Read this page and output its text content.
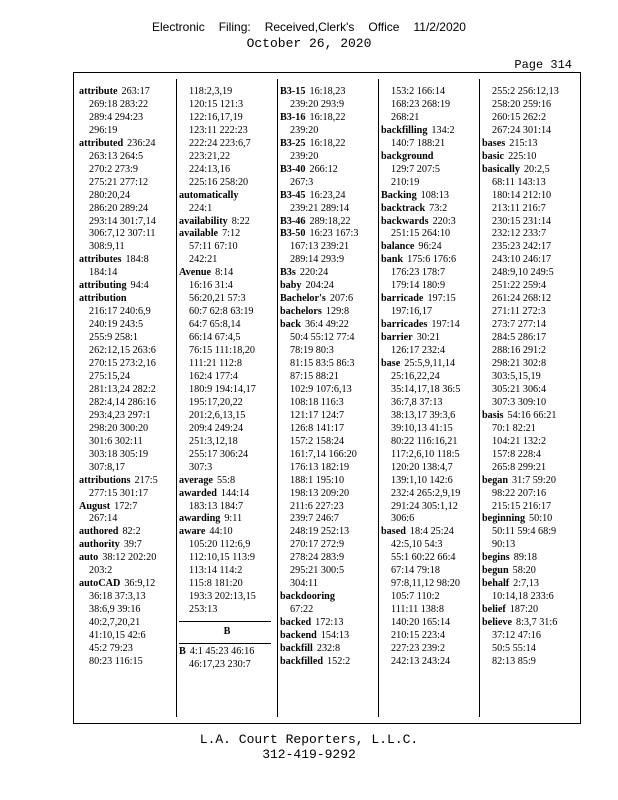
Electronic Filing: Received,Clerk's Office 11/2/2020
October 26, 2020
Page 314
attribute 263:17
269:18 283:22
289:4 294:23
296:19
attributed 236:24
263:13 264:5
270:2 273:9
275:21 277:12
280:20,24
286:20 289:24
293:14 301:7,14
306:7,12 307:11
308:9,11
attributes 184:8
184:14
attributing 94:4
attribution
216:17 240:6,9
240:19 243:5
255:9 258:1
262:12,15 263:6
270:15 273:2,16
275:15,24
281:13,24 282:2
282:4,14 286:16
293:4,23 297:1
298:20 300:20
301:6 302:11
303:18 305:19
307:8,17
attributions 217:5
277:15 301:17
August 172:7
267:14
authored 82:2
authority 39:7
auto 38:12 202:20
203:2
autoCAD 36:9,12
36:18 37:3,13
38:6,9 39:16
40:2,7,20,21
41:10,15 42:6
45:2 79:23
80:23 116:15
118:2,3,19
120:15 121:3
122:16,17,19
123:11 222:23
222:24 223:6,7
223:21,22
224:13,16
225:16 258:20
automatically
224:1
availability 8:22
available 7:12
57:11 67:10
242:21
Avenue 8:14
16:16 31:4
56:20,21 57:3
60:7 62:8 63:19
64:7 65:8,14
66:14 67:4,5
76:15 111:18,20
111:21 112:8
162:4 177:4
180:9 194:14,17
195:17,20,22
201:2,6,13,15
209:4 249:24
251:3,12,18
255:17 306:24
307:3
average 55:8
awarded 144:14
183:13 184:7
awarding 9:11
aware 44:10
105:20 112:6,9
112:10,15 113:9
113:14 114:2
115:8 181:20
193:3 202:13,15
253:13
B
B 4:1 45:23 46:16
46:17,23 230:7
B3-15 16:18,23
239:20 293:9
B3-16 16:18,22
239:20
B3-25 16:18,22
239:20
B3-40 266:12
267:3
B3-45 16:23,24
239:21 289:14
B3-46 289:18,22
B3-50 16:23 167:3
167:13 239:21
289:14 293:9
B3s 220:24
baby 204:24
Bachelor's 207:6
bachelors 129:8
back 36:4 49:22
50:4 55:12 77:4
78:19 80:3
81:15 83:5 86:3
87:15 88:21
102:9 107:6,13
108:18 116:3
121:17 124:7
126:8 141:17
157:2 158:24
161:7,14 166:20
176:13 182:19
188:1 195:10
198:13 209:20
211:6 227:23
239:7 246:7
248:19 252:13
270:17 272:9
278:24 283:9
295:21 300:5
304:11
backdooring
67:22
backed 172:13
backend 154:13
backfill 232:8
backfilled 152:2
153:2 166:14
168:23 268:19
268:21
backfilling 134:2
140:7 188:21
background
129:7 207:5
210:19
Backing 108:13
backtrack 73:2
backwards 220:3
251:15 264:10
balance 96:24
bank 175:6 176:6
176:23 178:7
179:14 180:9
barricade 197:15
197:16,17
barricades 197:14
barrier 30:21
126:17 232:4
base 25:5,9,11,14
25:16,22,24
35:14,17,18 36:5
36:7,8 37:13
38:13,17 39:3,6
39:10,13 41:15
80:22 116:16,21
117:2,6,10 118:5
120:20 138:4,7
139:1,10 142:6
232:4 265:2,9,19
291:24 305:1,12
306:6
based 18:4 25:24
42:5,10 54:3
55:1 60:22 66:4
67:14 79:18
97:8,11,12 98:20
105:7 110:2
111:11 138:8
140:20 165:14
210:15 223:4
227:23 239:2
242:13 243:24
255:2 256:12,13
258:20 259:16
260:15 262:2
267:24 301:14
bases 215:13
basic 225:10
basically 20:2,5
68:11 143:13
180:14 212:10
213:11 216:7
230:15 231:14
232:12 233:7
235:23 242:17
243:10 246:17
248:9,10 249:5
251:22 259:4
261:24 268:12
271:11 272:3
273:7 277:14
284:5 286:17
288:16 291:2
298:21 302:8
303:5,15,19
305:21 306:4
307:3 309:10
basis 54:16 66:21
70:1 82:21
104:21 132:2
157:8 228:4
265:8 299:21
began 31:7 59:20
98:22 207:16
215:15 216:17
beginning 50:10
50:11 59:4 68:9
90:13
begins 89:18
begun 58:20
behalf 2:7,13
10:14,18 233:6
belief 187:20
believe 8:3,7 31:6
37:12 47:16
50:5 55:14
82:13 85:9
L.A. Court Reporters, L.L.C.
312-419-9292
